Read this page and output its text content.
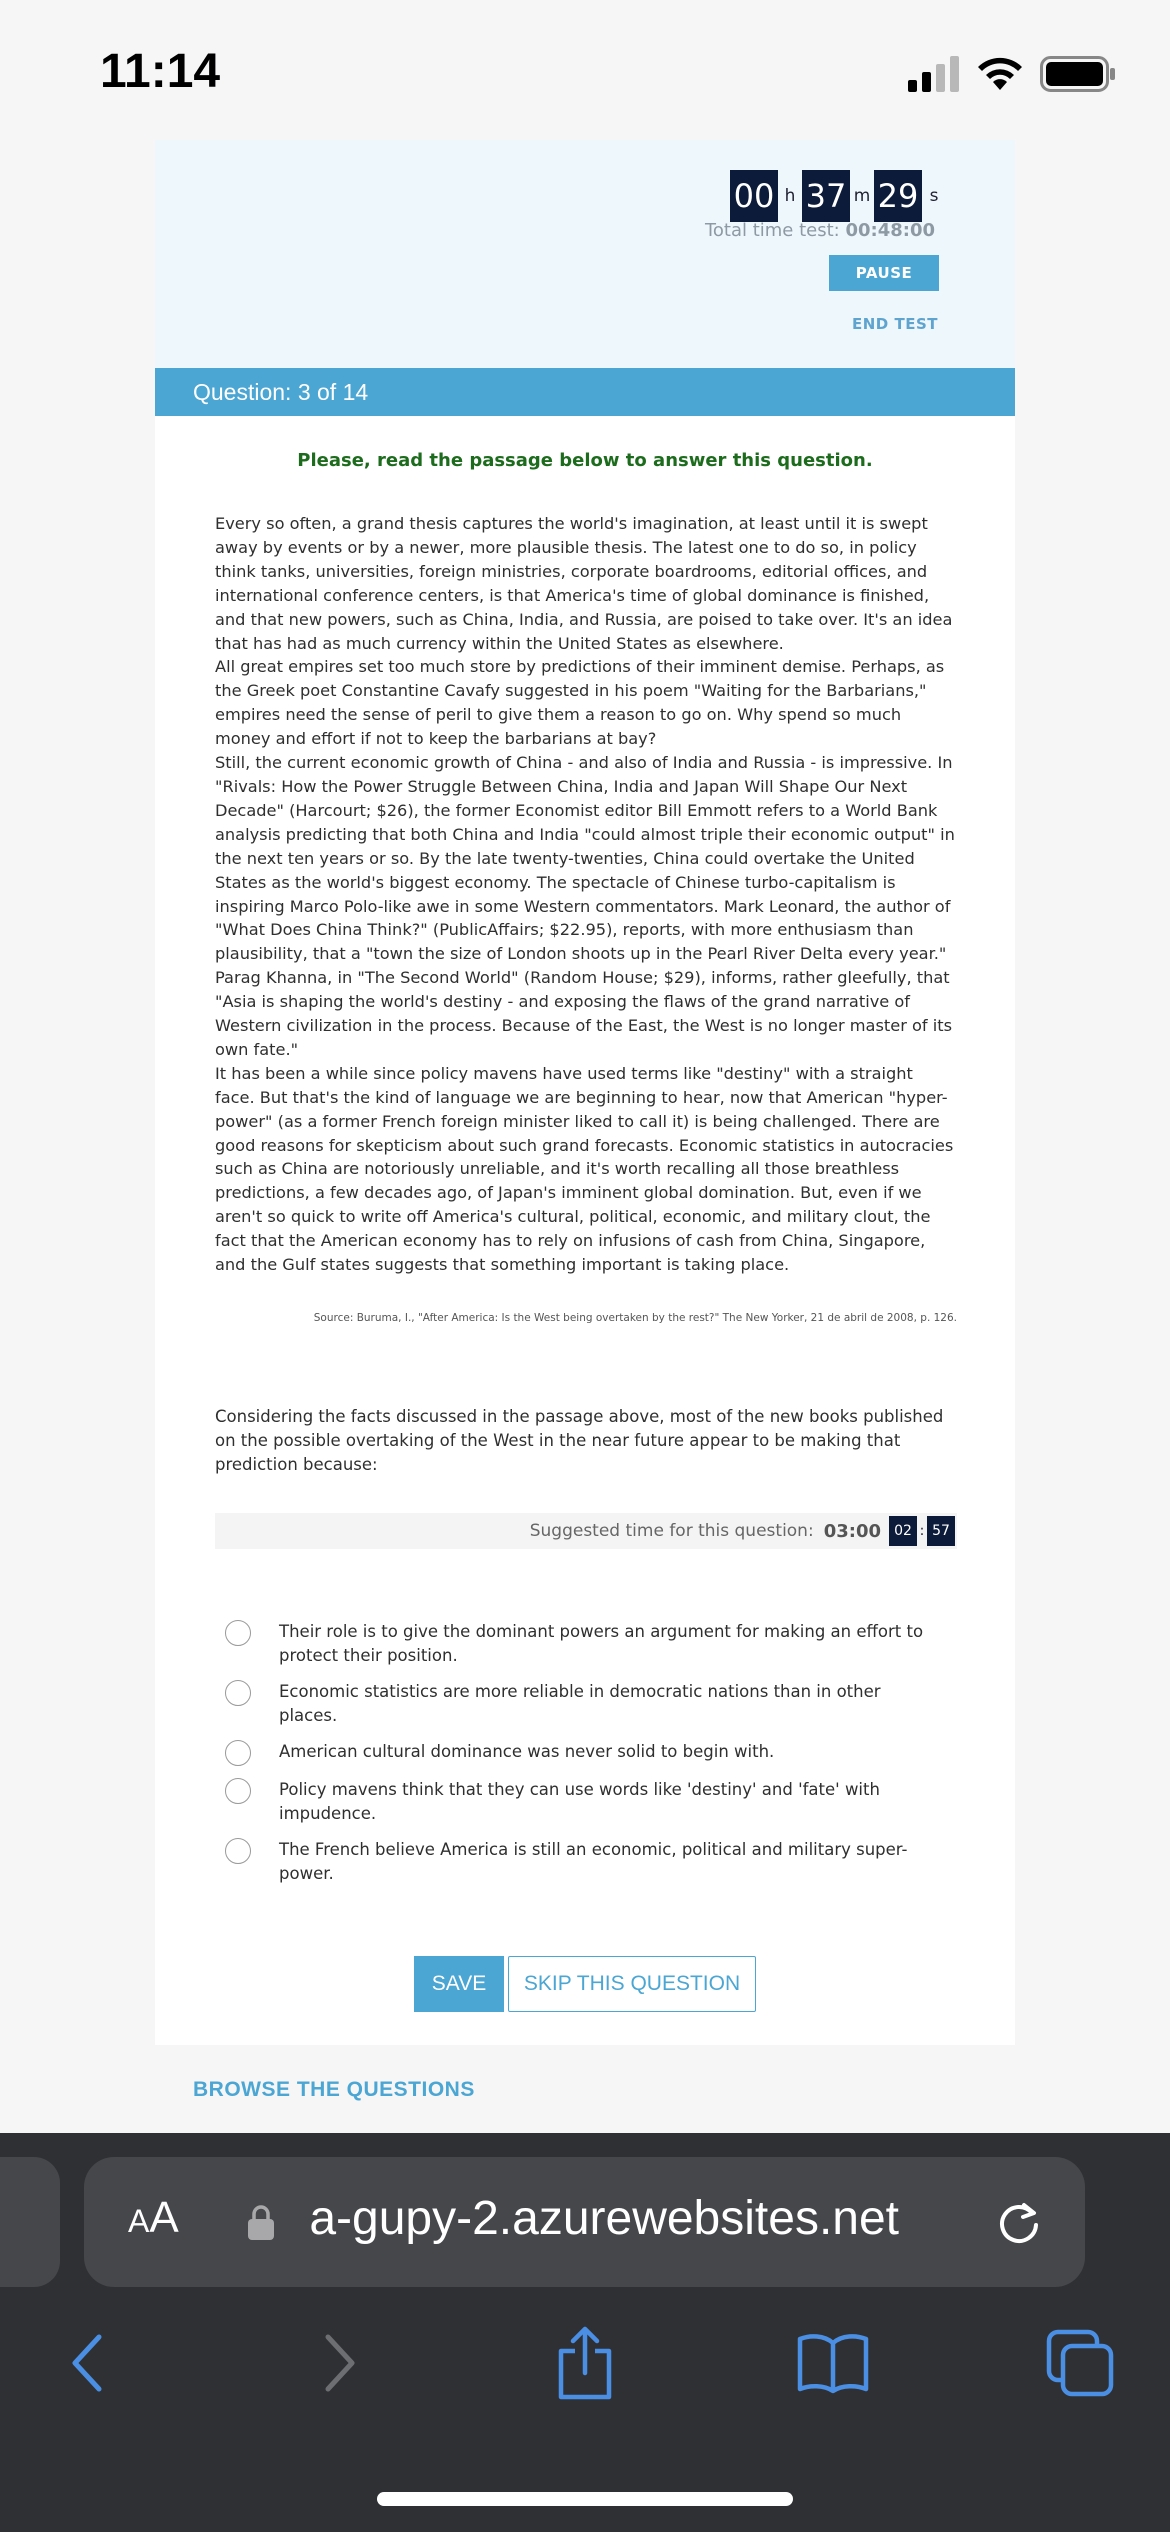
11:14
00 h 37 m 29 s
Total time test: 00:48:00
PAUSE
END TEST
Question: 3 of 14
Please, read the passage below to answer this question.

Every so often, a grand thesis captures the world's imagination, at least until it is swept away by events or by a newer, more plausible thesis. The latest one to do so, in policy think tanks, universities, foreign ministries, corporate boardrooms, editorial offices, and international conference centers, is that America's time of global dominance is finished, and that new powers, such as China, India, and Russia, are poised to take over. It's an idea that has had as much currency within the United States as elsewhere.

All great empires set too much store by predictions of their imminent demise. Perhaps, as the Greek poet Constantine Cavafy suggested in his poem "Waiting for the Barbarians," empires need the sense of peril to give them a reason to go on. Why spend so much money and effort if not to keep the barbarians at bay?

Still, the current economic growth of China - and also of India and Russia - is impressive. In "Rivals: How the Power Struggle Between China, India and Japan Will Shape Our Next Decade" (Harcourt; $26), the former Economist editor Bill Emmott refers to a World Bank analysis predicting that both China and India "could almost triple their economic output" in the next ten years or so. By the late twenty-twenties, China could overtake the United States as the world's biggest economy. The spectacle of Chinese turbo-capitalism is inspiring Marco Polo-like awe in some Western commentators. Mark Leonard, the author of "What Does China Think?" (PublicAffairs; $22.95), reports, with more enthusiasm than plausibility, that a "town the size of London shoots up in the Pearl River Delta every year." Parag Khanna, in "The Second World" (Random House; $29), informs, rather gleefully, that "Asia is shaping the world's destiny - and exposing the flaws of the grand narrative of Western civilization in the process. Because of the East, the West is no longer master of its own fate."

It has been a while since policy mavens have used terms like "destiny" with a straight face. But that's the kind of language we are beginning to hear, now that American "hyper-power" (as a former French foreign minister liked to call it) is being challenged. There are good reasons for skepticism about such grand forecasts. Economic statistics in autocracies such as China are notoriously unreliable, and it's worth recalling all those breathless predictions, a few decades ago, of Japan's imminent global domination. But, even if we aren't so quick to write off America's cultural, political, economic, and military clout, the fact that the American economy has to rely on infusions of cash from China, Singapore, and the Gulf states suggests that something important is taking place.

Source: Buruma, I., "After America: Is the West being overtaken by the rest?" The New Yorker, 21 de abril de 2008, p. 126.
Considering the facts discussed in the passage above, most of the new books published on the possible overtaking of the West in the near future appear to be making that prediction because:
Suggested time for this question: 03:00 02 : 57
Their role is to give the dominant powers an argument for making an effort to protect their position.
Economic statistics are more reliable in democratic nations than in other places.
American cultural dominance was never solid to begin with.
Policy mavens think that they can use words like 'destiny' and 'fate' with impudence.
The French believe America is still an economic, political and military super-power.
SAVE	SKIP THIS QUESTION
BROWSE THE QUESTIONS
AA a-gupy-2.azurewebsites.net
